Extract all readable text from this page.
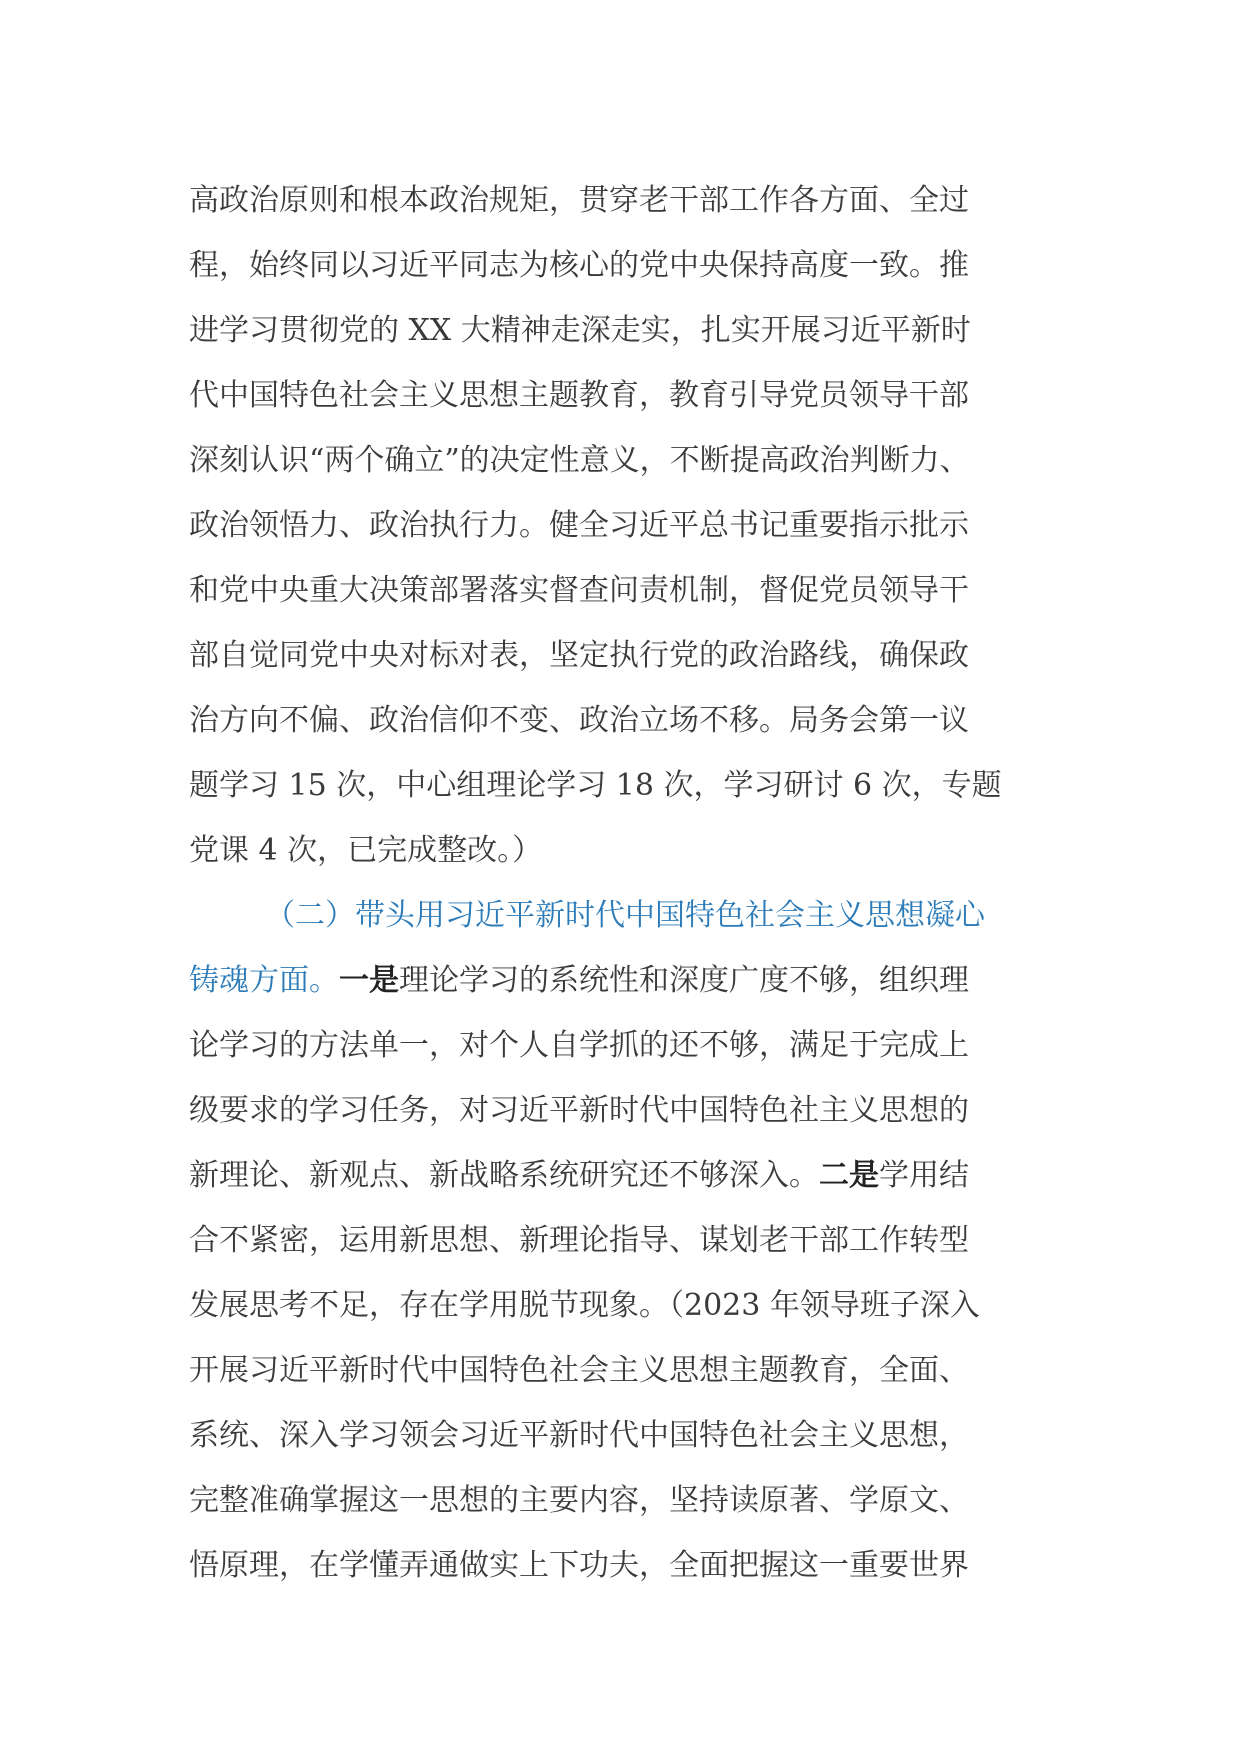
高政治原则和根本政治规矩，贯穿老干部工作各方面、全过
程，始终同以习近平同志为核心的党中央保持高度一致。推
进学习贯彻党的 XX 大精神走深走实，扎实开展习近平新时
代中国特色社会主义思想主题教育，教育引导党员领导干部
深刻认识“两个确立”的决定性意义，不断提高政治判断力、
政治领悟力、政治执行力。健全习近平总书记重要指示批示
和党中央重大决策部署落实督查问责机制，督促党员领导干
部自觉同党中央对标对表，坚定执行党的政治路线，确保政
治方向不偏、政治信仰不变、政治立场不移。局务会第一议
题学习 15 次，中心组理论学习 18 次，学习研讨 6 次，专题
党课 4 次，已完成整改。）
（二）带头用习近平新时代中国特色社会主义思想凝心
铸魂方面。一是理论学习的系统性和深度广度不够，组织理
论学习的方法单一，对个人自学抓的还不够，满足于完成上
级要求的学习任务，对习近平新时代中国特色社主义思想的
新理论、新观点、新战略系统研究还不够深入。二是学用结
合不紧密，运用新思想、新理论指导、谋划老干部工作转型
发展思考不足，存在学用脱节现象。（2023 年领导班子深入
开展习近平新时代中国特色社会主义思想主题教育，全面、
系统、深入学习领会习近平新时代中国特色社会主义思想，
完整准确掌握这一思想的主要内容，坚持读原著、学原文、
悟原理，在学懂弄通做实上下功夫，全面把握这一重要世界
